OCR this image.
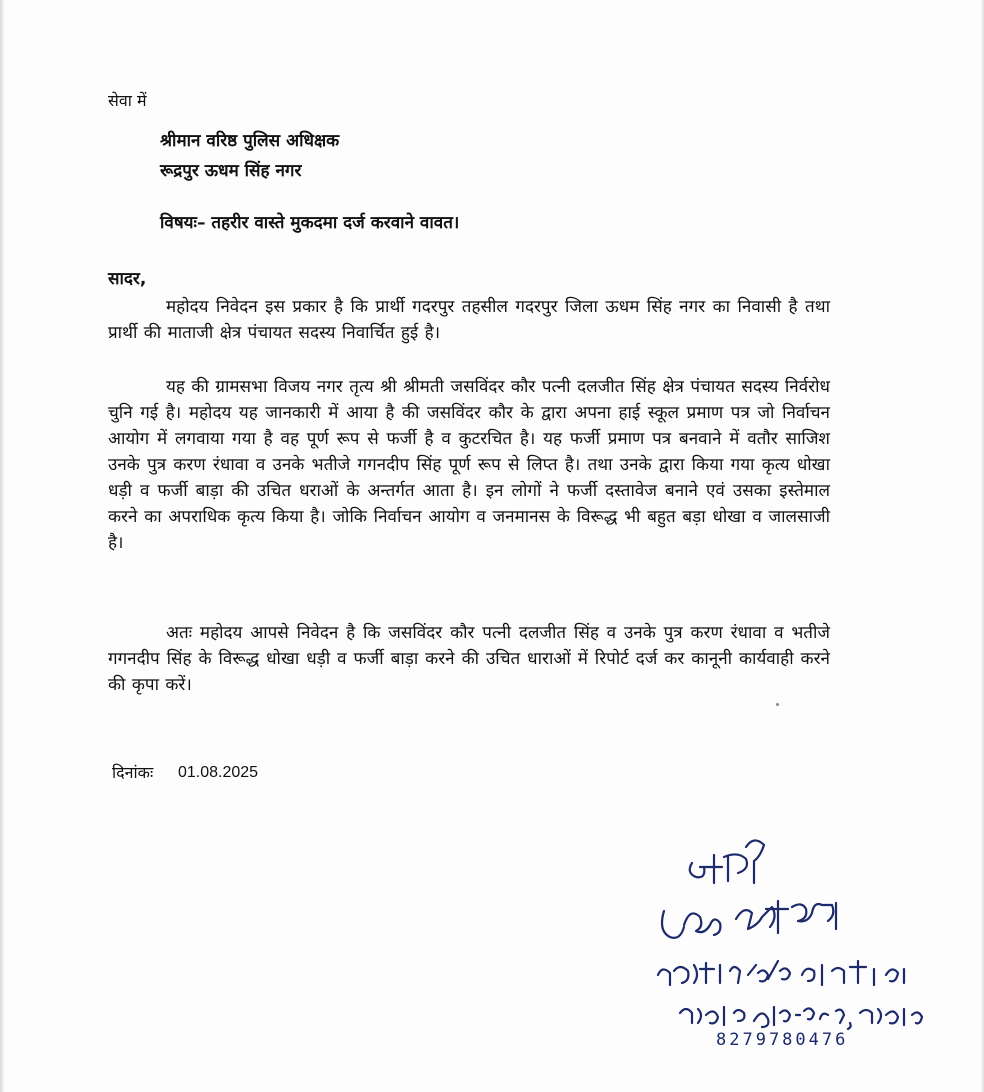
सेवा में
श्रीमान वरिष्ठ पुलिस अधिक्षक
रूद्रपुर ऊधम सिंह नगर
विषयः– तहरीर वास्ते मुकदमा दर्ज करवाने वावत।
सादर,
महोदय निवेदन इस प्रकार है कि प्रार्थी गदरपुर तहसील गदरपुर जिला ऊधम सिंह नगर का निवासी है तथा प्रार्थी की माताजी क्षेत्र पंचायत सदस्य निवार्चित हुई है।
यह की ग्रामसभा विजय नगर तृत्य श्री श्रीमती जसविंदर कौर पत्नी दलजीत सिंह क्षेत्र पंचायत सदस्य निर्वरोध चुनि गई है। महोदय यह जानकारी में आया है की जसविंदर कौर के द्वारा अपना हाई स्कूल प्रमाण पत्र जो निर्वाचन आयोग में लगवाया गया है वह पूर्ण रूप से फर्जी है व कुटरचित है। यह फर्जी प्रमाण पत्र बनवाने में वतौर साजिश उनके पुत्र करण रंधावा व उनके भतीजे गगनदीप सिंह पूर्ण रूप से लिप्त है। तथा उनके द्वारा किया गया कृत्य धोखा धड़ी व फर्जी बाड़ा की उचित धराओं के अन्तर्गत आता है। इन लोगों ने फर्जी दस्तावेज बनाने एवं उसका इस्तेमाल करने का अपराधिक कृत्य किया है। जोकि निर्वाचन आयोग व जनमानस के विरूद्ध भी बहुत बड़ा धोखा व जालसाजी है।
अतः महोदय आपसे निवेदन है कि जसविंदर कौर पत्नी दलजीत सिंह व उनके पुत्र करण रंधावा व भतीजे गगनदीप सिंह के विरूद्ध धोखा धड़ी व फर्जी बाड़ा करने की उचित धाराओं में रिपोर्ट दर्ज कर कानूनी कार्यवाही करने की कृपा करें।
दिनांकः 01.08.2025
8279780476
